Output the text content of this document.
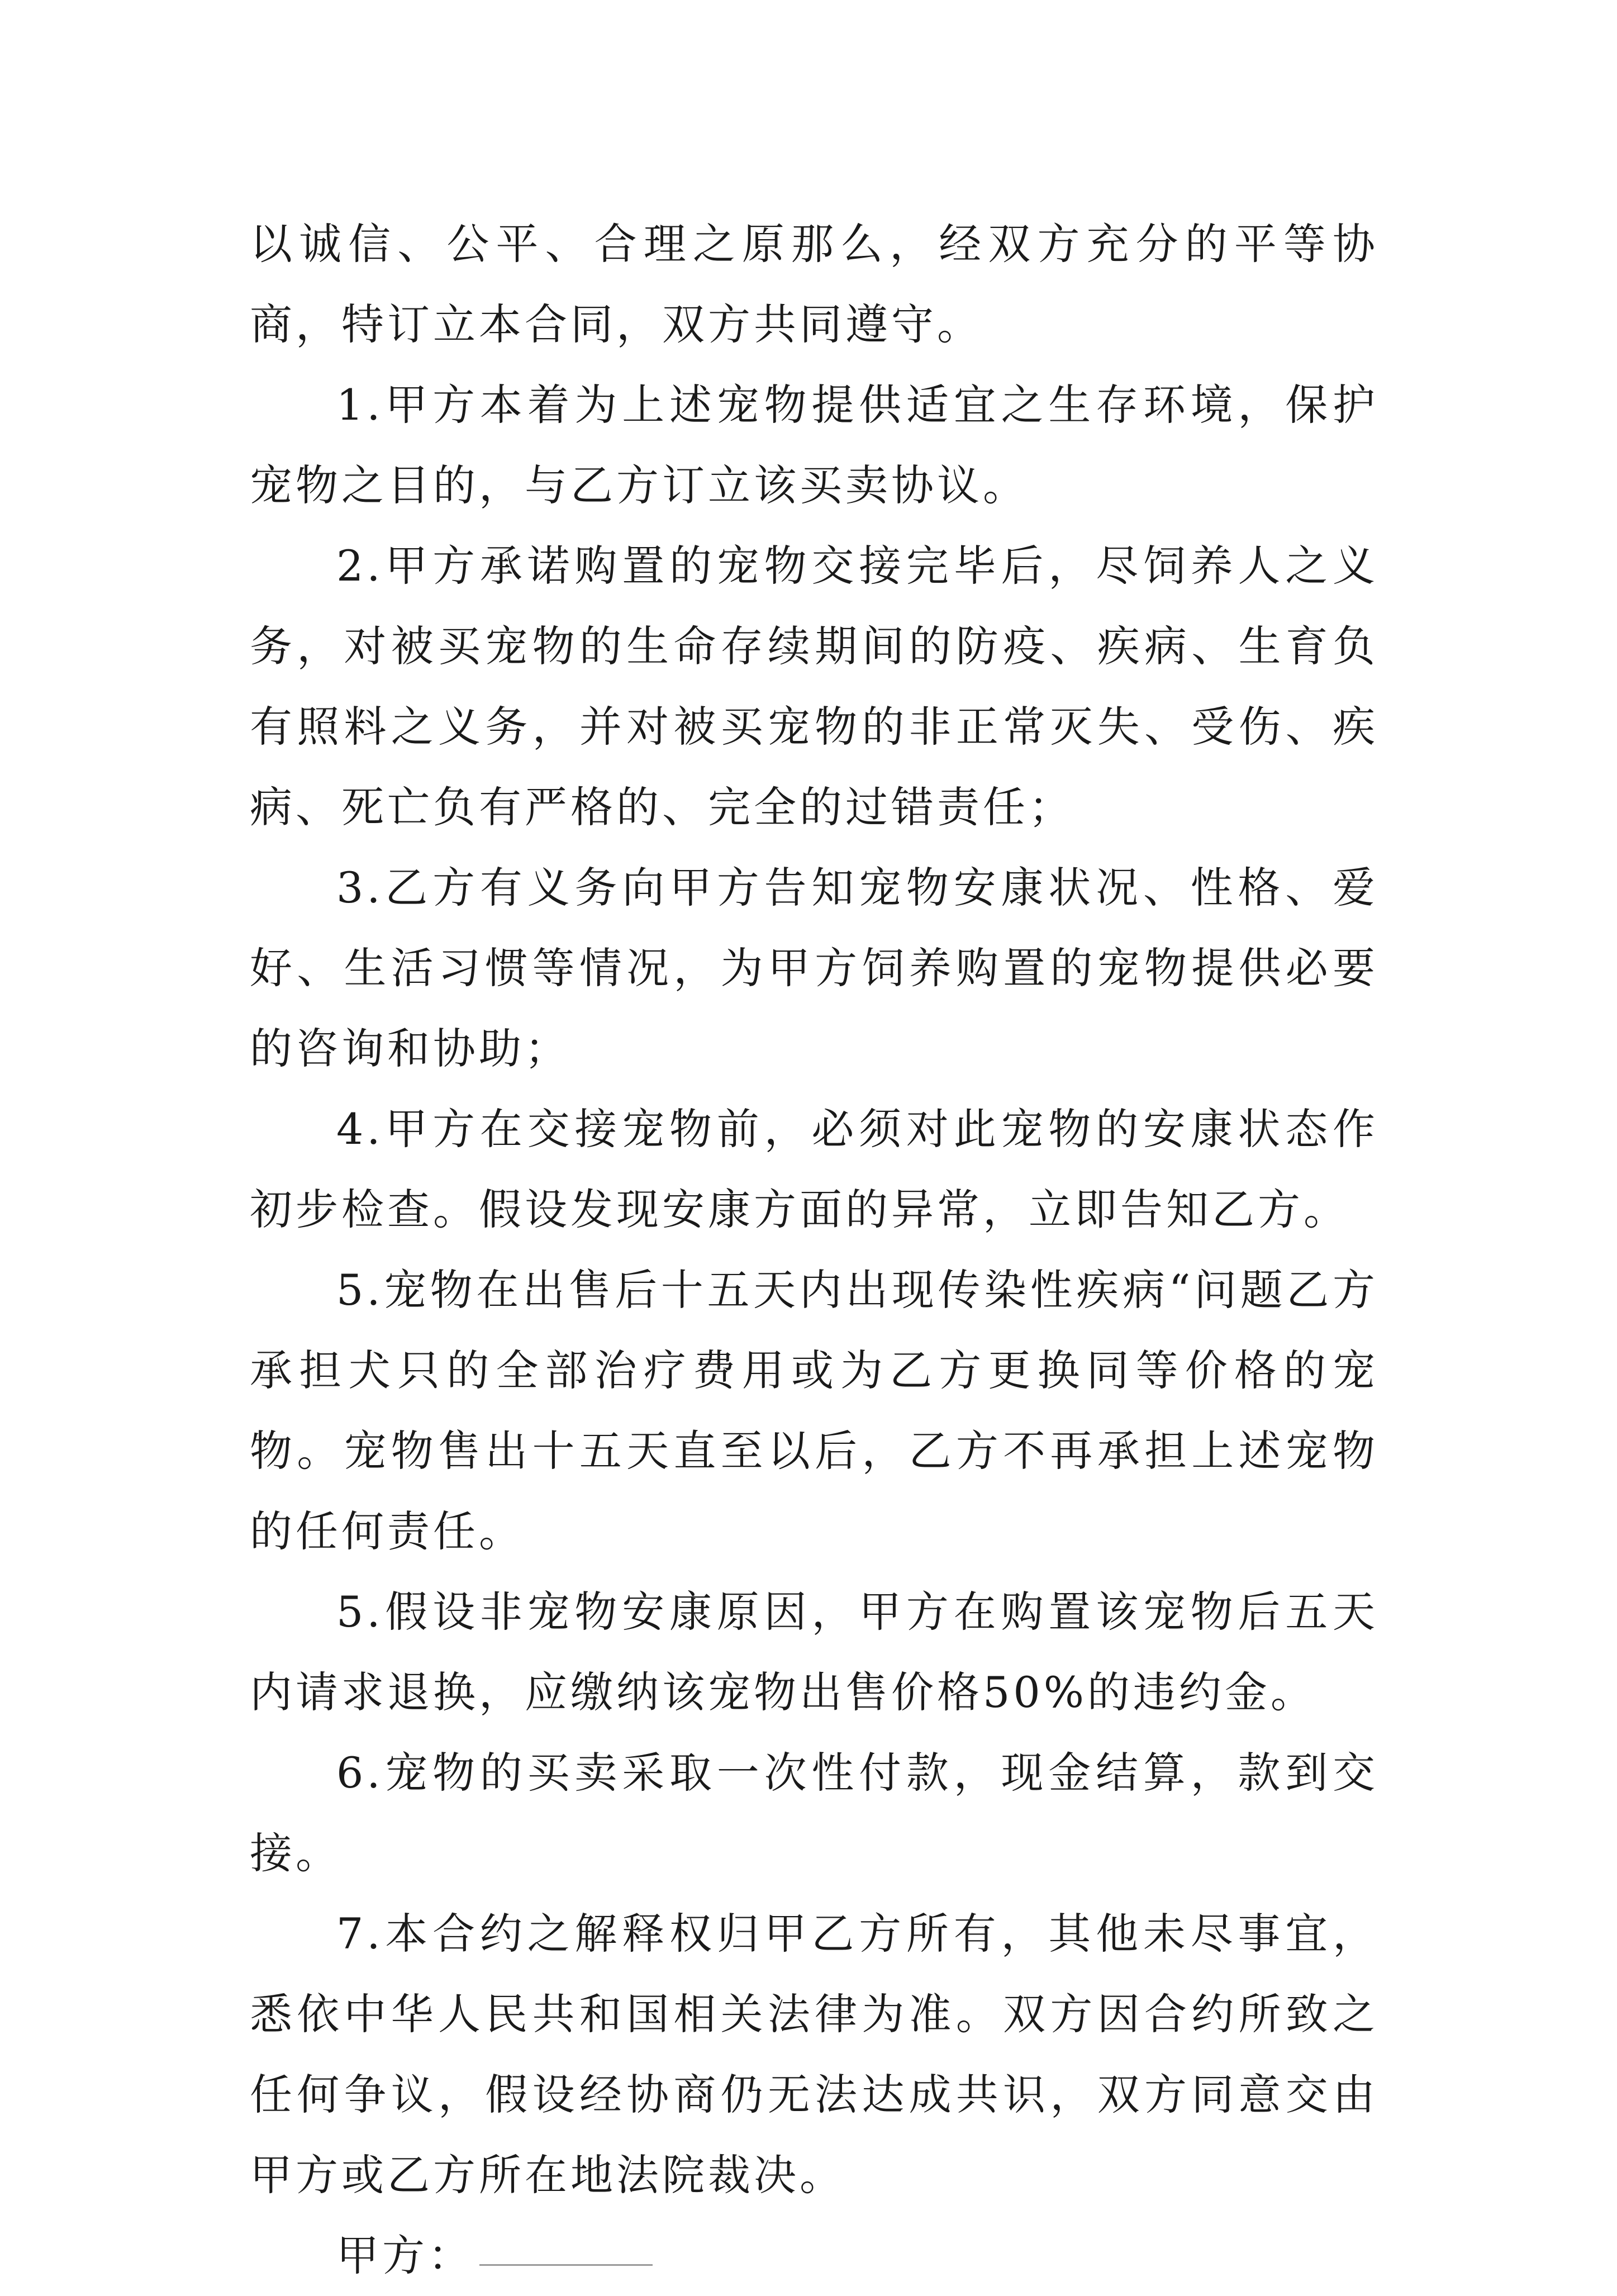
以诚信、公平、合理之原那么，经双方充分的平等协商，特订立本合同，双方共同遵守。

1.甲方本着为上述宠物提供适宜之生存环境，保护宠物之目的，与乙方订立该买卖协议。

2.甲方承诺购置的宠物交接完毕后，尽饲养人之义务，对被买宠物的生命存续期间的防疫、疾病、生育负有照料之义务，并对被买宠物的非正常灭失、受伤、疾病、死亡负有严格的、完全的过错责任；

3.乙方有义务向甲方告知宠物安康状况、性格、爱好、生活习惯等情况，为甲方饲养购置的宠物提供必要的咨询和协助；

4.甲方在交接宠物前，必须对此宠物的安康状态作初步检查。假设发现安康方面的异常，立即告知乙方。

5.宠物在出售后十五天内出现传染性疾病“问题乙方承担犬只的全部治疗费用或为乙方更换同等价格的宠物。宠物售出十五天直至以后，乙方不再承担上述宠物的任何责任。

5.假设非宠物安康原因，甲方在购置该宠物后五天内请求退换，应缴纳该宠物出售价格50%的违约金。

6.宠物的买卖采取一次性付款，现金结算，款到交接。

7.本合约之解释权归甲乙方所有，其他未尽事宜，悉依中华人民共和国相关法律为准。双方因合约所致之任何争议，假设经协商仍无法达成共识，双方同意交由甲方或乙方所在地法院裁决。

甲方：
